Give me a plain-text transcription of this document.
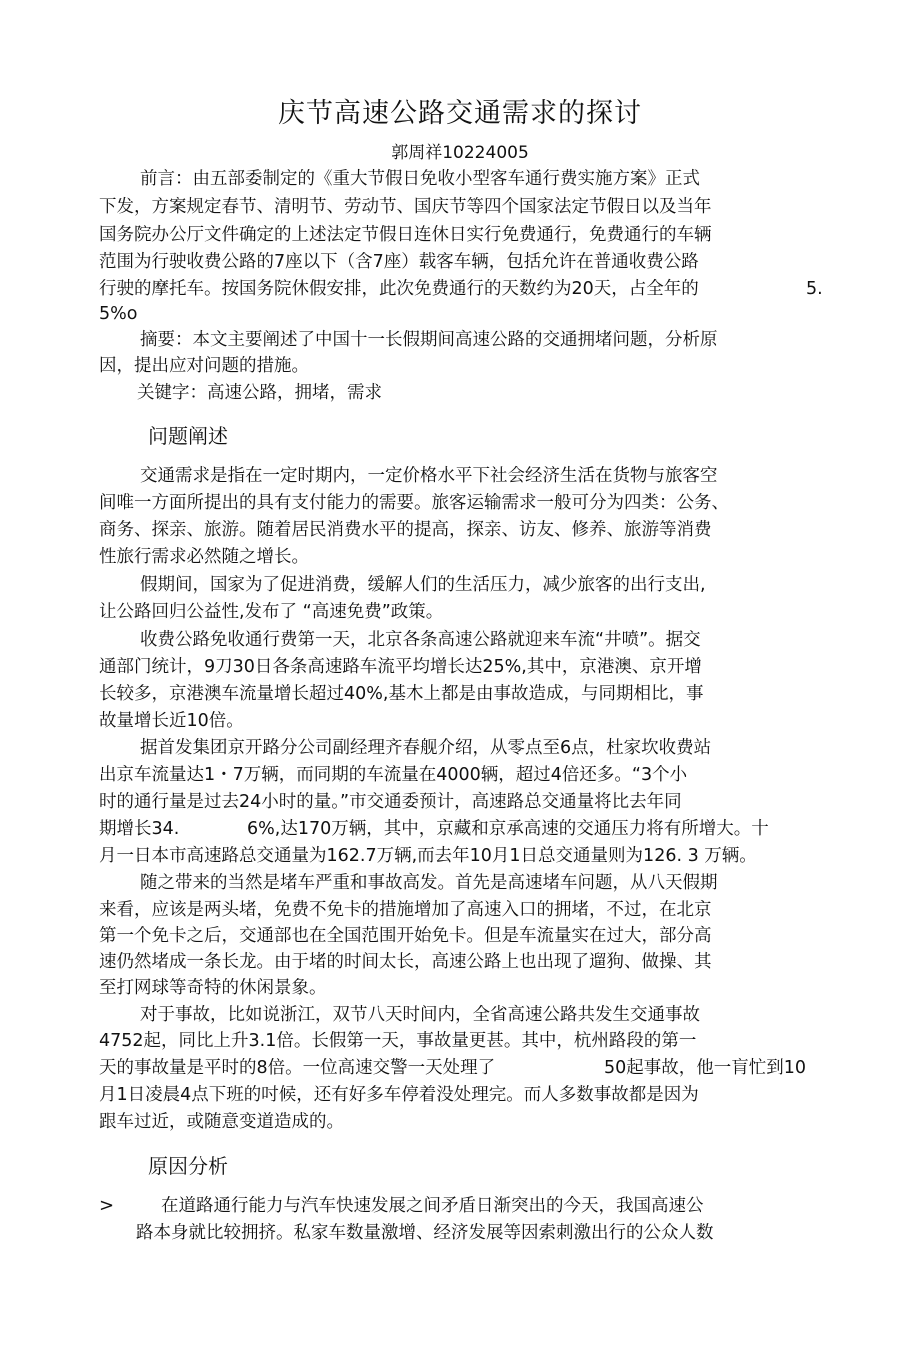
庆节高速公路交通需求的探讨
郭周祥10224005
前言：由五部委制定的《重大节假日免收小型客车通行费实施方案》正式
下发，方案规定春节、清明节、劳动节、国庆节等四个国家法定节假日以及当年
国务院办公厅文件确定的上述法定节假日连休日实行免费通行，免费通行的车辆
范围为行驶收费公路的7座以下（含7座）载客车辆，包括允许在普通收费公路
行驶的摩托车。按国务院休假安排，此次免费通行的天数约为20天，占全年的	5.
5%o
摘要：本文主要阐述了中国十一长假期间高速公路的交通拥堵问题，分析原
因，提出应对问题的措施。
关键字：高速公路，拥堵，需求
问题阐述
交通需求是指在一定时期内，一定价格水平下社会经济生活在货物与旅客空
间唯一方面所提出的具有支付能力的需要。旅客运输需求一般可分为四类：公务、
商务、探亲、旅游。随着居民消费水平的提高，探亲、访友、修养、旅游等消费
性旅行需求必然随之增长。
假期间，国家为了促进消费，缓解人们的生活压力，减少旅客的出行支出,
让公路回归公益性,发布了 “高速免费”政策。
收费公路免收通行费第一天，北京各条高速公路就迎来车流“井喷”。据交
通部门统计，9刀30日各条高速路车流平均增长达25%,其中，京港澳、京开增
长较多，京港澳车流量增长超过40%,基木上都是由事故造成，与同期相比，事
故量增长近10倍。
据首发集团京开路分公司副经理齐春舰介绍，从零点至6点，杜家坎收费站
出京车流量达1・7万辆，而同期的车流量在4000辆，超过4倍还多。“3个小
时的通行量是过去24小时的量。”市交通委预计，高速路总交通量将比去年同
期增长34.	6%,达170万辆，其中，京藏和京承高速的交通压力将有所增大。十
月一日本市高速路总交通量为162.7万辆,而去年10月1日总交通量则为126. 3 万辆。
随之带来的当然是堵车严重和事故高发。首先是高速堵车问题，从八天假期
来看，应该是两头堵，免费不免卡的措施增加了高速入口的拥堵，不过，在北京
第一个免卡之后，交通部也在全国范围开始免卡。但是车流量实在过大，部分高
速仍然堵成一条长龙。由于堵的时间太长，高速公路上也出现了遛狗、做操、其
至打网球等奇特的休闲景象。
对于事故，比如说浙江，双节八天时间内，全省高速公路共发生交通事故
4752起，同比上升3.1倍。长假第一天，事故量更甚。其中，杭州路段的第一
天的事故量是平时的8倍。一位高速交警一天处理了	50起事故，他一肓忙到10
月1日凌晨4点下班的吋候，还有好多车停着没处理完。而人多数事故都是因为
跟车过近，或随意变道造成的。
原因分析
>	在道路通行能力与汽车快速发展之间矛盾日渐突出的今天，我国高速公
路本身就比较拥挤。私家车数量激增、经济发展等因索刺激出行的公众人数
